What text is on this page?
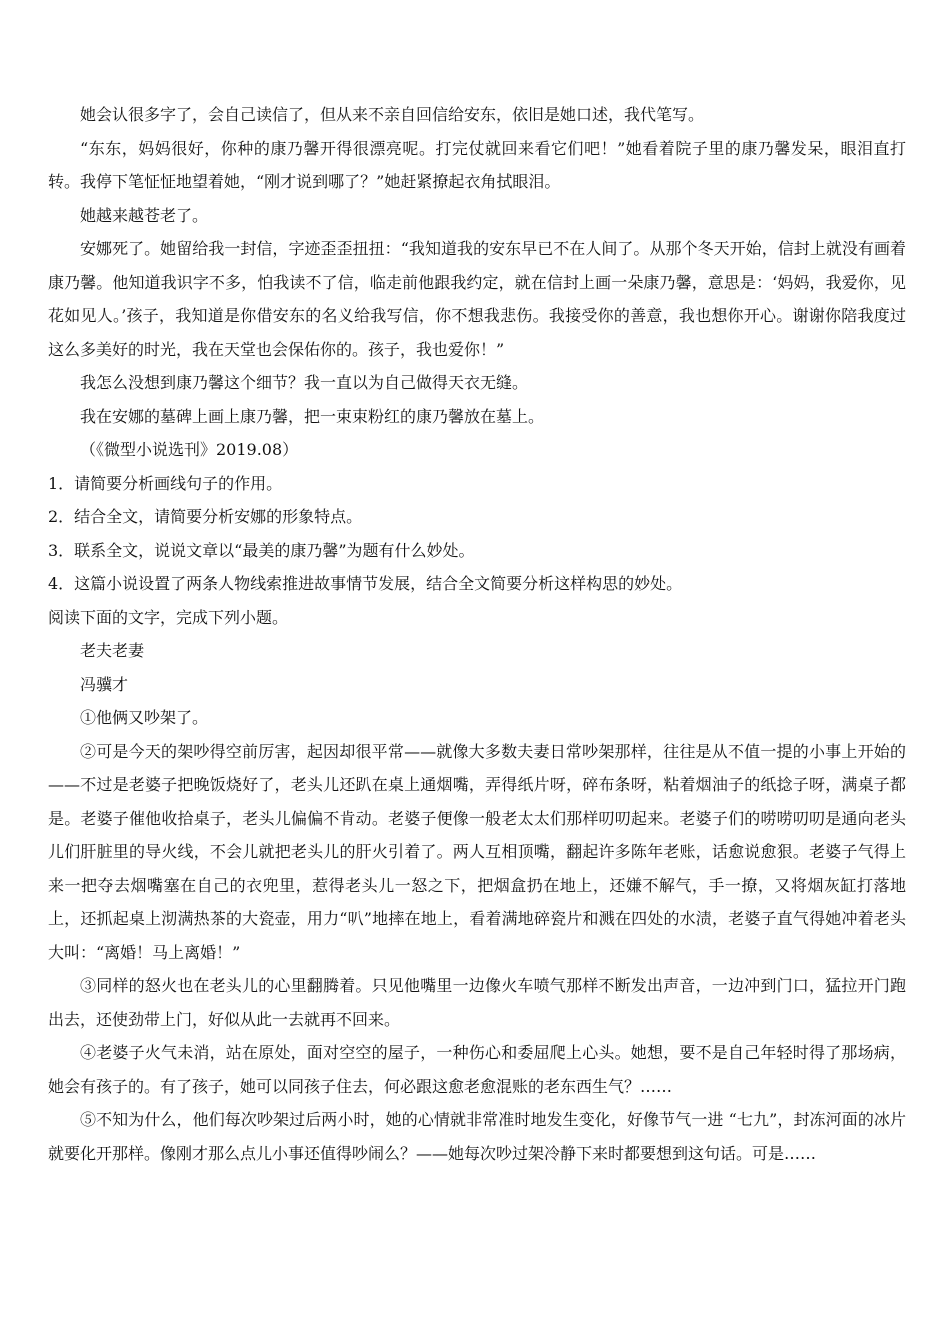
她会认很多字了，会自己读信了，但从来不亲自回信给安东，依旧是她口述，我代笔写。

“东东，妈妈很好，你种的康乃馨开得很漂亮呢。打完仗就回来看它们吧！”她看着院子里的康乃馨发呆，眼泪直打转。我停下笔怔怔地望着她，“刚才说到哪了？”她赶紧撩起衣角拭眼泪。

她越来越苍老了。

安娜死了。她留给我一封信，字迹歪歪扭扭：“我知道我的安东早已不在人间了。从那个冬天开始，信封上就没有画着康乃馨。他知道我识字不多，怕我读不了信，临走前他跟我约定，就在信封上画一朵康乃馨，意思是：‘妈妈，我爱你，见花如见人。’孩子，我知道是你借安东的名义给我写信，你不想我悲伤。我接受你的善意，我也想你开心。谢谢你陪我度过这么多美好的时光，我在天堂也会保佑你的。孩子，我也爱你！”

我怎么没想到康乃馨这个细节？我一直以为自己做得天衣无缝。

我在安娜的墓碑上画上康乃馨，把一束束粉红的康乃馨放在墓上。

（《微型小说选刊》2019.08）

1．请简要分析画线句子的作用。

2．结合全文，请简要分析安娜的形象特点。

3．联系全文，说说文章以“最美的康乃馨”为题有什么妙处。

4．这篇小说设置了两条人物线索推进故事情节发展，结合全文简要分析这样构思的妙处。

阅读下面的文字，完成下列小题。

老夫老妻

冯骥才

①他俩又吵架了。

②可是今天的架吵得空前厉害，起因却很平常——就像大多数夫妻日常吵架那样，往往是从不值一提的小事上开始的——不过是老婆子把晚饭烧好了，老头儿还趴在桌上通烟嘴，弄得纸片呀，碎布条呀，粘着烟油子的纸捻子呀，满桌子都是。老婆子催他收拾桌子，老头儿偏偏不肯动。老婆子便像一般老太太们那样叨叨起来。老婆子们的唠唠叨叨是通向老头儿们肝脏里的导火线，不会儿就把老头儿的肝火引着了。两人互相顶嘴，翻起许多陈年老账，话愈说愈狠。老婆子气得上来一把夺去烟嘴塞在自己的衣兜里，惹得老头儿一怒之下，把烟盒扔在地上，还嫌不解气，手一撩，又将烟灰缸打落地上，还抓起桌上沏满热茶的大瓷壶，用力“叭”地摔在地上，看着满地碎瓷片和溅在四处的水渍，老婆子直气得她冲着老头大叫：“离婚！马上离婚！”

③同样的怒火也在老头儿的心里翻腾着。只见他嘴里一边像火车喷气那样不断发出声音，一边冲到门口，猛拉开门跑出去，还使劲带上门，好似从此一去就再不回来。

④老婆子火气未消，站在原处，面对空空的屋子，一种伤心和委屈爬上心头。她想，要不是自己年轻时得了那场病，她会有孩子的。有了孩子，她可以同孩子住去，何必跟这愈老愈混账的老东西生气？……

⑤不知为什么，他们每次吵架过后两小时，她的心情就非常准时地发生变化，好像节气一进 “七九”，封冻河面的冰片就要化开那样。像刚才那么点儿小事还值得吵闹么？——她每次吵过架冷静下来时都要想到这句话。可是……
